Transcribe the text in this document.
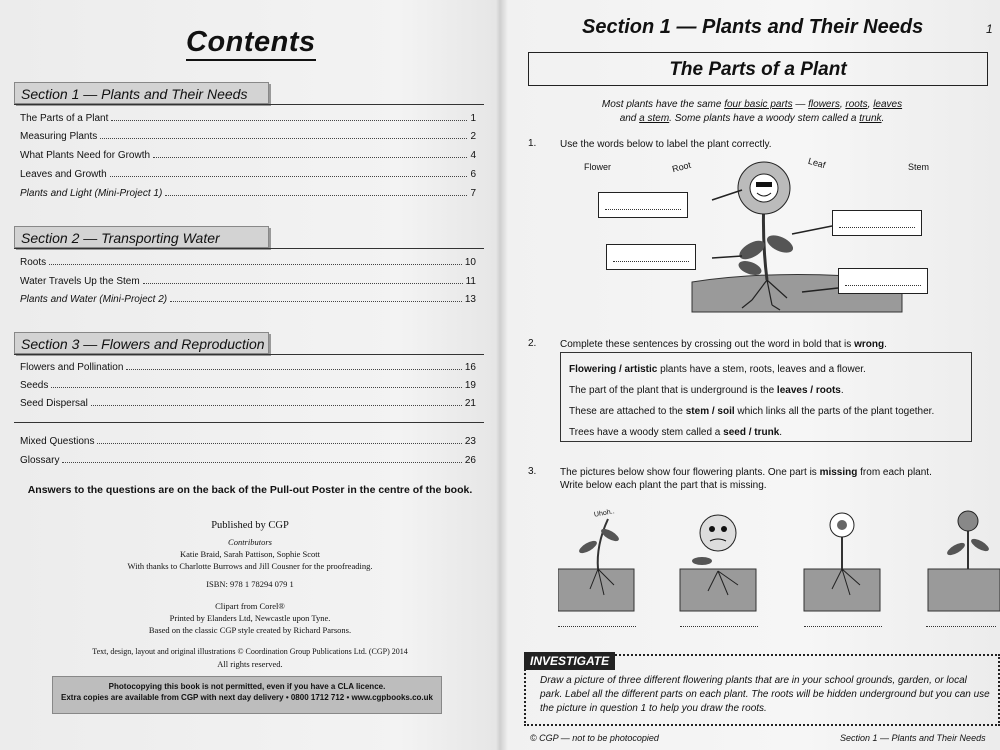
Contents
Section 1 — Plants and Their Needs
The Parts of a Plant	1
Measuring Plants	2
What Plants Need for Growth	4
Leaves and Growth	6
Plants and Light (Mini-Project 1)	7
Section 2 — Transporting Water
Roots	10
Water Travels Up the Stem	11
Plants and Water (Mini-Project 2)	13
Section 3 — Flowers and Reproduction
Flowers and Pollination	16
Seeds	19
Seed Dispersal	21
Mixed Questions	23
Glossary	26
Answers to the questions are on the back of the Pull-out Poster in the centre of the book.
Published by CGP
Contributors
Katie Braid, Sarah Pattison, Sophie Scott
With thanks to Charlotte Burrows and Jill Cousner for the proofreading.
ISBN: 978 1 78294 079 1
Clipart from Corel®
Printed by Elanders Ltd, Newcastle upon Tyne.
Based on the classic CGP style created by Richard Parsons.
Text, design, layout and original illustrations © Coordination Group Publications Ltd. (CGP) 2014
All rights reserved.
Photocopying this book is not permitted, even if you have a CLA licence.
Extra copies are available from CGP with next day delivery • 0800 1712 712 • www.cgpbooks.co.uk
Section 1 — Plants and Their Needs	1
The Parts of a Plant
Most plants have the same four basic parts — flowers, roots, leaves
and a stem. Some plants have a woody stem called a trunk.
1. Use the words below to label the plant correctly.
Flower	Root	Leaf	Stem
2. Complete these sentences by crossing out the word in bold that is wrong.
Flowering / artistic plants have a stem, roots, leaves and a flower.
The part of the plant that is underground is the leaves / roots.
These are attached to the stem / soil which links all the parts of the plant together.
Trees have a woody stem called a seed / trunk.
3. The pictures below show four flowering plants. One part is missing from each plant.
Write below each plant the part that is missing.
Uhoh..
INVESTIGATE
Draw a picture of three different flowering plants that are in your school grounds, garden, or local park. Label all the different parts on each plant. The roots will be hidden underground but you can use the picture in question 1 to help you draw the roots.
© CGP — not to be photocopied	Section 1 — Plants and Their Needs
